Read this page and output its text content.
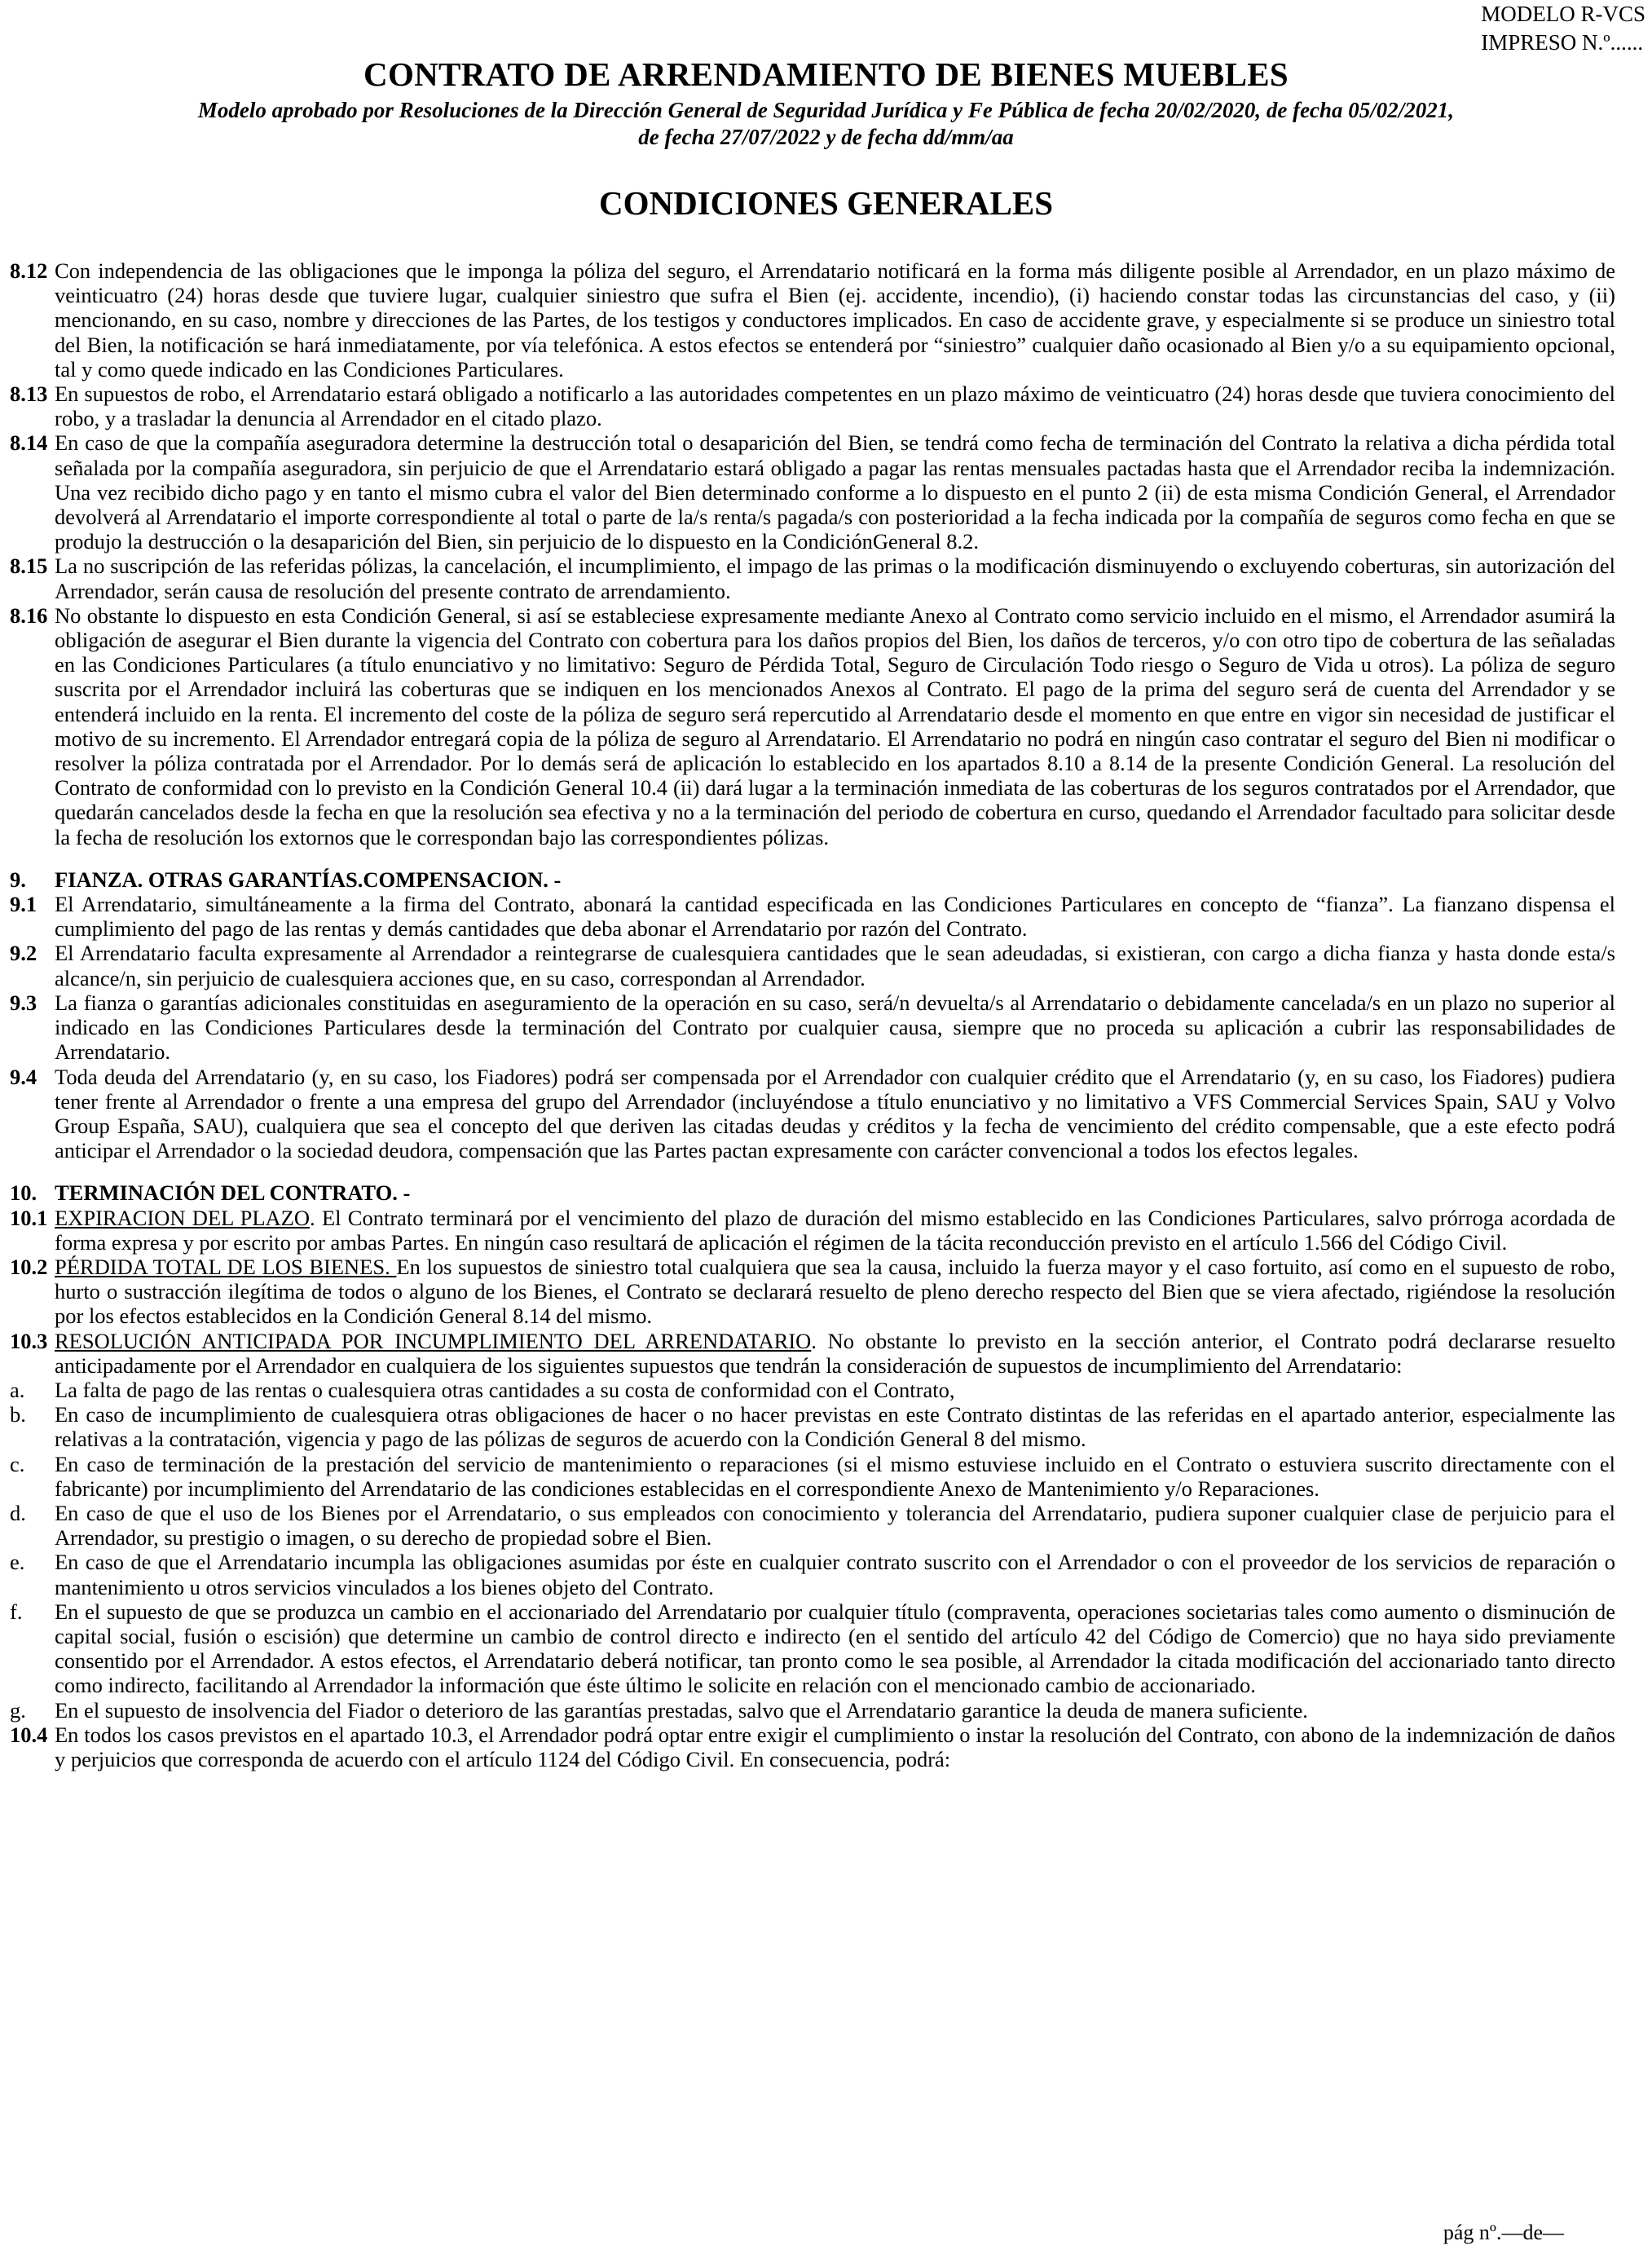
MODELO R-VCS
IMPRESO N.º......
CONTRATO DE ARRENDAMIENTO DE BIENES MUEBLES
Modelo aprobado por Resoluciones de la Dirección General de Seguridad Jurídica y Fe Pública de fecha 20/02/2020, de fecha 05/02/2021,
de fecha 27/07/2022 y de fecha dd/mm/aa
CONDICIONES GENERALES
8.12 Con independencia de las obligaciones que le imponga la póliza del seguro, el Arrendatario notificará en la forma más diligente posible al Arrendador, en un plazo máximo de veinticuatro (24) horas desde que tuviere lugar, cualquier siniestro que sufra el Bien (ej. accidente, incendio), (i) haciendo constar todas las circunstancias del caso, y (ii) mencionando, en su caso, nombre y direcciones de las Partes, de los testigos y conductores implicados. En caso de accidente grave, y especialmente si se produce un siniestro total del Bien, la notificación se hará inmediatamente, por vía telefónica. A estos efectos se entenderá por “siniestro” cualquier daño ocasionado al Bien y/o a su equipamiento opcional, tal y como quede indicado en las Condiciones Particulares.
8.13 En supuestos de robo, el Arrendatario estará obligado a notificarlo a las autoridades competentes en un plazo máximo de veinticuatro (24) horas desde que tuviera conocimiento del robo, y a trasladar la denuncia al Arrendador en el citado plazo.
8.14 En caso de que la compañía aseguradora determine la destrucción total o desaparición del Bien, se tendrá como fecha de terminación del Contrato la relativa a dicha pérdida total señalada por la compañía aseguradora, sin perjuicio de que el Arrendatario estará obligado a pagar las rentas mensuales pactadas hasta que el Arrendador reciba la indemnización. Una vez recibido dicho pago y en tanto el mismo cubra el valor del Bien determinado conforme a lo dispuesto en el punto 2 (ii) de esta misma Condición General, el Arrendador devolverá al Arrendatario el importe correspondiente al total o parte de la/s renta/s pagada/s con posterioridad a la fecha indicada por la compañía de seguros como fecha en que se produjo la destrucción o la desaparición del Bien, sin perjuicio de lo dispuesto en la CondiciónGeneral 8.2.
8.15 La no suscripción de las referidas pólizas, la cancelación, el incumplimiento, el impago de las primas o la modificación disminuyendo o excluyendo coberturas, sin autorización del Arrendador, serán causa de resolución del presente contrato de arrendamiento.
8.16 No obstante lo dispuesto en esta Condición General, si así se estableciese expresamente mediante Anexo al Contrato como servicio incluido en el mismo, el Arrendador asumirá la obligación de asegurar el Bien durante la vigencia del Contrato con cobertura para los daños propios del Bien, los daños de terceros, y/o con otro tipo de cobertura de las señaladas en las Condiciones Particulares (a título enunciativo y no limitativo: Seguro de Pérdida Total, Seguro de Circulación Todo riesgo o Seguro de Vida u otros). La póliza de seguro suscrita por el Arrendador incluirá las coberturas que se indiquen en los mencionados Anexos al Contrato. El pago de la prima del seguro será de cuenta del Arrendador y se entenderá incluido en la renta. El incremento del coste de la póliza de seguro será repercutido al Arrendatario desde el momento en que entre en vigor sin necesidad de justificar el motivo de su incremento. El Arrendador entregará copia de la póliza de seguro al Arrendatario. El Arrendatario no podrá en ningún caso contratar el seguro del Bien ni modificar o resolver la póliza contratada por el Arrendador. Por lo demás será de aplicación lo establecido en los apartados 8.10 a 8.14 de la presente Condición General. La resolución del Contrato de conformidad con lo previsto en la Condición General 10.4 (ii) dará lugar a la terminación inmediata de las coberturas de los seguros contratados por el Arrendador, que quedarán cancelados desde la fecha en que la resolución sea efectiva y no a la terminación del periodo de cobertura en curso, quedando el Arrendador facultado para solicitar desde la fecha de resolución los extornos que le correspondan bajo las correspondientes pólizas.
9.	FIANZA. OTRAS GARANTÍAS.COMPENSACION. -
9.1 El Arrendatario, simultáneamente a la firma del Contrato, abonará la cantidad especificada en las Condiciones Particulares en concepto de “fianza”. La fianzano dispensa el cumplimiento del pago de las rentas y demás cantidades que deba abonar el Arrendatario por razón del Contrato.
9.2 El Arrendatario faculta expresamente al Arrendador a reintegrarse de cualesquiera cantidades que le sean adeudadas, si existieran, con cargo a dicha fianza y hasta donde esta/s alcance/n, sin perjuicio de cualesquiera acciones que, en su caso, correspondan al Arrendador.
9.3 La fianza o garantías adicionales constituidas en aseguramiento de la operación en su caso, será/n devuelta/s al Arrendatario o debidamente cancelada/s en un plazo no superior al indicado en las Condiciones Particulares desde la terminación del Contrato por cualquier causa, siempre que no proceda su aplicación a cubrir las responsabilidades de Arrendatario.
9.4 Toda deuda del Arrendatario (y, en su caso, los Fiadores) podrá ser compensada por el Arrendador con cualquier crédito que el Arrendatario (y, en su caso, los Fiadores) pudiera tener frente al Arrendador o frente a una empresa del grupo del Arrendador (incluyéndose a título enunciativo y no limitativo a VFS Commercial Services Spain, SAU y Volvo Group España, SAU), cualquiera que sea el concepto del que deriven las citadas deudas y créditos y la fecha de vencimiento del crédito compensable, que a este efecto podrá anticipar el Arrendador o la sociedad deudora, compensación que las Partes pactan expresamente con carácter convencional a todos los efectos legales.
10. TERMINACIÓN DEL CONTRATO. -
10.1 EXPIRACION DEL PLAZO. El Contrato terminará por el vencimiento del plazo de duración del mismo establecido en las Condiciones Particulares, salvo prórroga acordada de forma expresa y por escrito por ambas Partes. En ningún caso resultará de aplicación el régimen de la tácita reconducción previsto en el artículo 1.566 del Código Civil.
10.2 PÉRDIDA TOTAL DE LOS BIENES. En los supuestos de siniestro total cualquiera que sea la causa, incluido la fuerza mayor y el caso fortuito, así como en el supuesto de robo, hurto o sustracción ilegítima de todos o alguno de los Bienes, el Contrato se declarará resuelto de pleno derecho respecto del Bien que se viera afectado, rigiéndose la resolución por los efectos establecidos en la Condición General 8.14 del mismo.
10.3 RESOLUCIÓN ANTICIPADA POR INCUMPLIMIENTO DEL ARRENDATARIO. No obstante lo previsto en la sección anterior, el Contrato podrá declararse resuelto anticipadamente por el Arrendador en cualquiera de los siguientes supuestos que tendrán la consideración de supuestos de incumplimiento del Arrendatario:
a.	La falta de pago de las rentas o cualesquiera otras cantidades a su costa de conformidad con el Contrato,
b.	En caso de incumplimiento de cualesquiera otras obligaciones de hacer o no hacer previstas en este Contrato distintas de las referidas en el apartado anterior, especialmente las relativas a la contratación, vigencia y pago de las pólizas de seguros de acuerdo con la Condición General 8 del mismo.
c.	En caso de terminación de la prestación del servicio de mantenimiento o reparaciones (si el mismo estuviese incluido en el Contrato o estuviera suscrito directamente con el fabricante) por incumplimiento del Arrendatario de las condiciones establecidas en el correspondiente Anexo de Mantenimiento y/o Reparaciones.
d.	En caso de que el uso de los Bienes por el Arrendatario, o sus empleados con conocimiento y tolerancia del Arrendatario, pudiera suponer cualquier clase de perjuicio para el Arrendador, su prestigio o imagen, o su derecho de propiedad sobre el Bien.
e.	En caso de que el Arrendatario incumpla las obligaciones asumidas por éste en cualquier contrato suscrito con el Arrendador o con el proveedor de los servicios de reparación o mantenimiento u otros servicios vinculados a los bienes objeto del Contrato.
f.	En el supuesto de que se produzca un cambio en el accionariado del Arrendatario por cualquier título (compraventa, operaciones societarias tales como aumento o disminución de capital social, fusión o escisión) que determine un cambio de control directo e indirecto (en el sentido del artículo 42 del Código de Comercio) que no haya sido previamente consentido por el Arrendador. A estos efectos, el Arrendatario deberá notificar, tan pronto como le sea posible, al Arrendador la citada modificación del accionariado tanto directo como indirecto, facilitando al Arrendador la información que éste último le solicite en relación con el mencionado cambio de accionariado.
g.	En el supuesto de insolvencia del Fiador o deterioro de las garantías prestadas, salvo que el Arrendatario garantice la deuda de manera suficiente.
10.4 En todos los casos previstos en el apartado 10.3, el Arrendador podrá optar entre exigir el cumplimiento o instar la resolución del Contrato, con abono de la indemnización de daños y perjuicios que corresponda de acuerdo con el artículo 1124 del Código Civil. En consecuencia, podrá:
pág nº.—de—
